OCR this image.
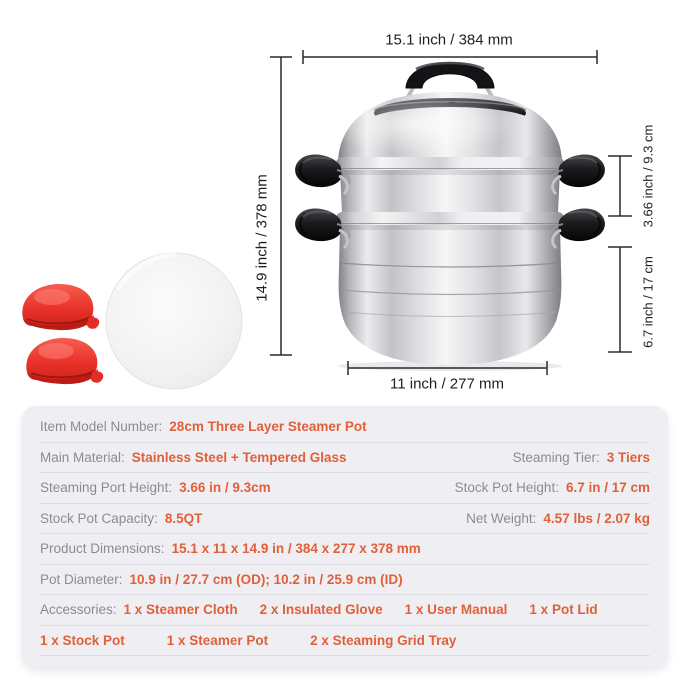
15.1 inch / 384 mm
14.9 inch / 378 mm	3.66 inch / 9.3 cm
6.7 inch / 17 cm
11 inch / 277 mm
Item Model Number: 28cm Three Layer Steamer Pot
Main Material: Stainless Steel + Tempered Glass	Steaming Tier: 3 Tiers
Steaming Port Height: 3.66 in / 9.3cm	Stock Pot Height: 6.7 in / 17 cm
Stock Pot Capacity: 8.5QT	Net Weight: 4.57 lbs / 2.07 kg
Product Dimensions: 15.1 x 11 x 14.9 in / 384 x 277 x 378 mm
Pot Diameter: 10.9 in / 27.7 cm (OD); 10.2 in / 25.9 cm (ID)
Accessories: 1 x Steamer Cloth 2 x Insulated Glove 1 x User Manual 1 x Pot Lid
1 x Stock Pot	1 x Steamer Pot	2 x Steaming Grid Tray
